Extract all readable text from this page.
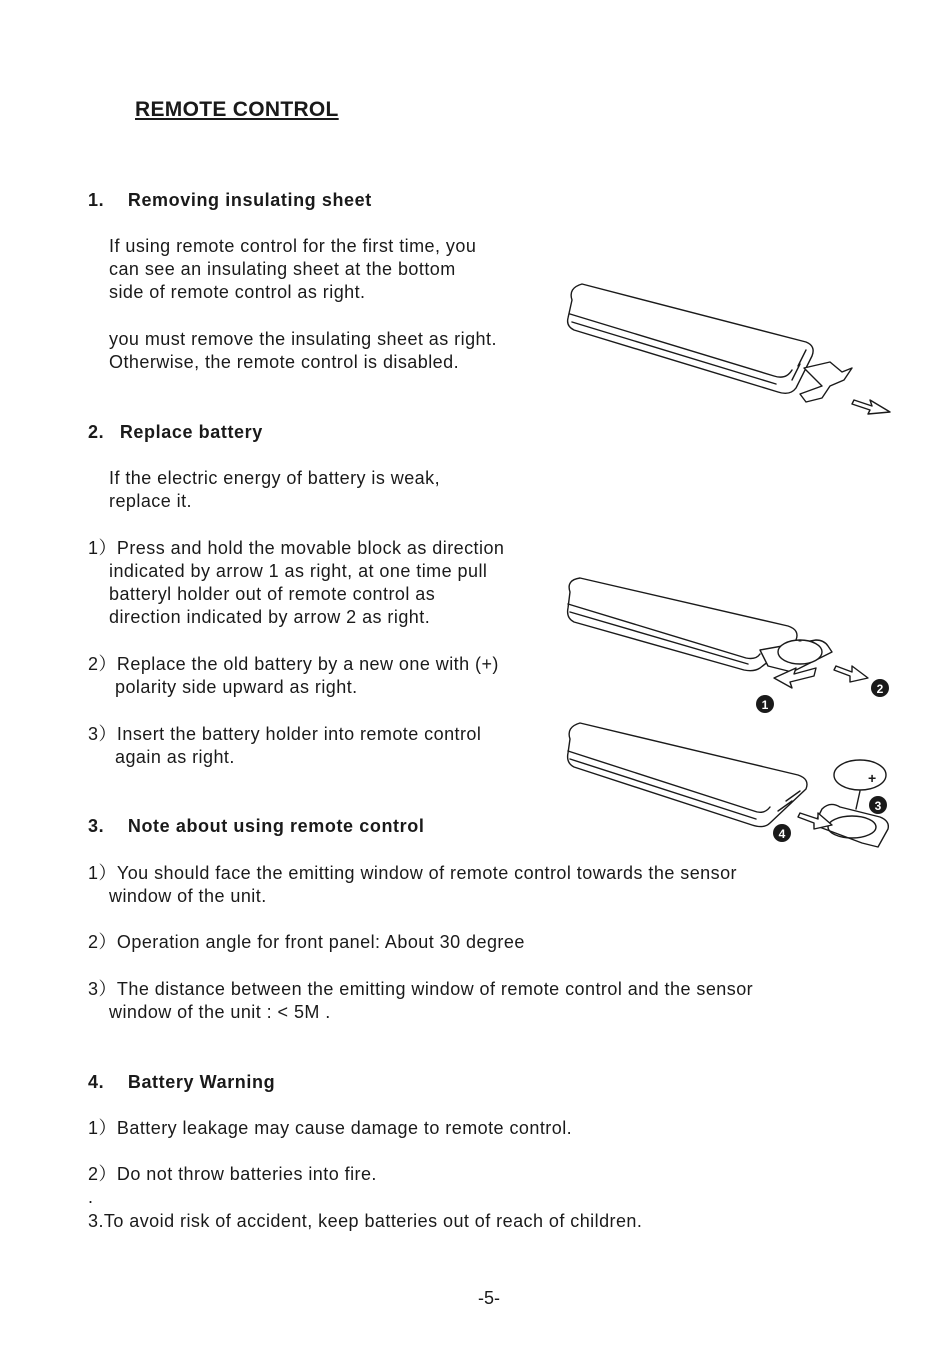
REMOTE CONTROL
1. Removing insulating sheet
If using remote control for the first time, you
can see an insulating sheet at the bottom
side of remote control as right.
you must remove the insulating sheet as right.
Otherwise, the remote control is disabled.
2. Replace battery
If the electric energy of battery is weak,
replace it.
1）Press and hold the movable block as direction
indicated by arrow 1 as right, at one time pull
batteryl holder out of remote control as
direction indicated by arrow 2 as right.
2）Replace the old battery by a new one with (+)
polarity side upward as right.
3）Insert the battery holder into remote control
again as right.
3. Note about using remote control
1）You should face the emitting window of remote control towards the sensor
window of the unit.
2）Operation angle for front panel: About 30 degree
3）The distance between the emitting window of remote control and the sensor
window of the unit : < 5M .
4. Battery Warning
1）Battery leakage may cause damage to remote control.
2）Do not throw batteries into fire.
.
3.To avoid risk of accident, keep batteries out of reach of children.
-
1
2
+
3
4
-5-
